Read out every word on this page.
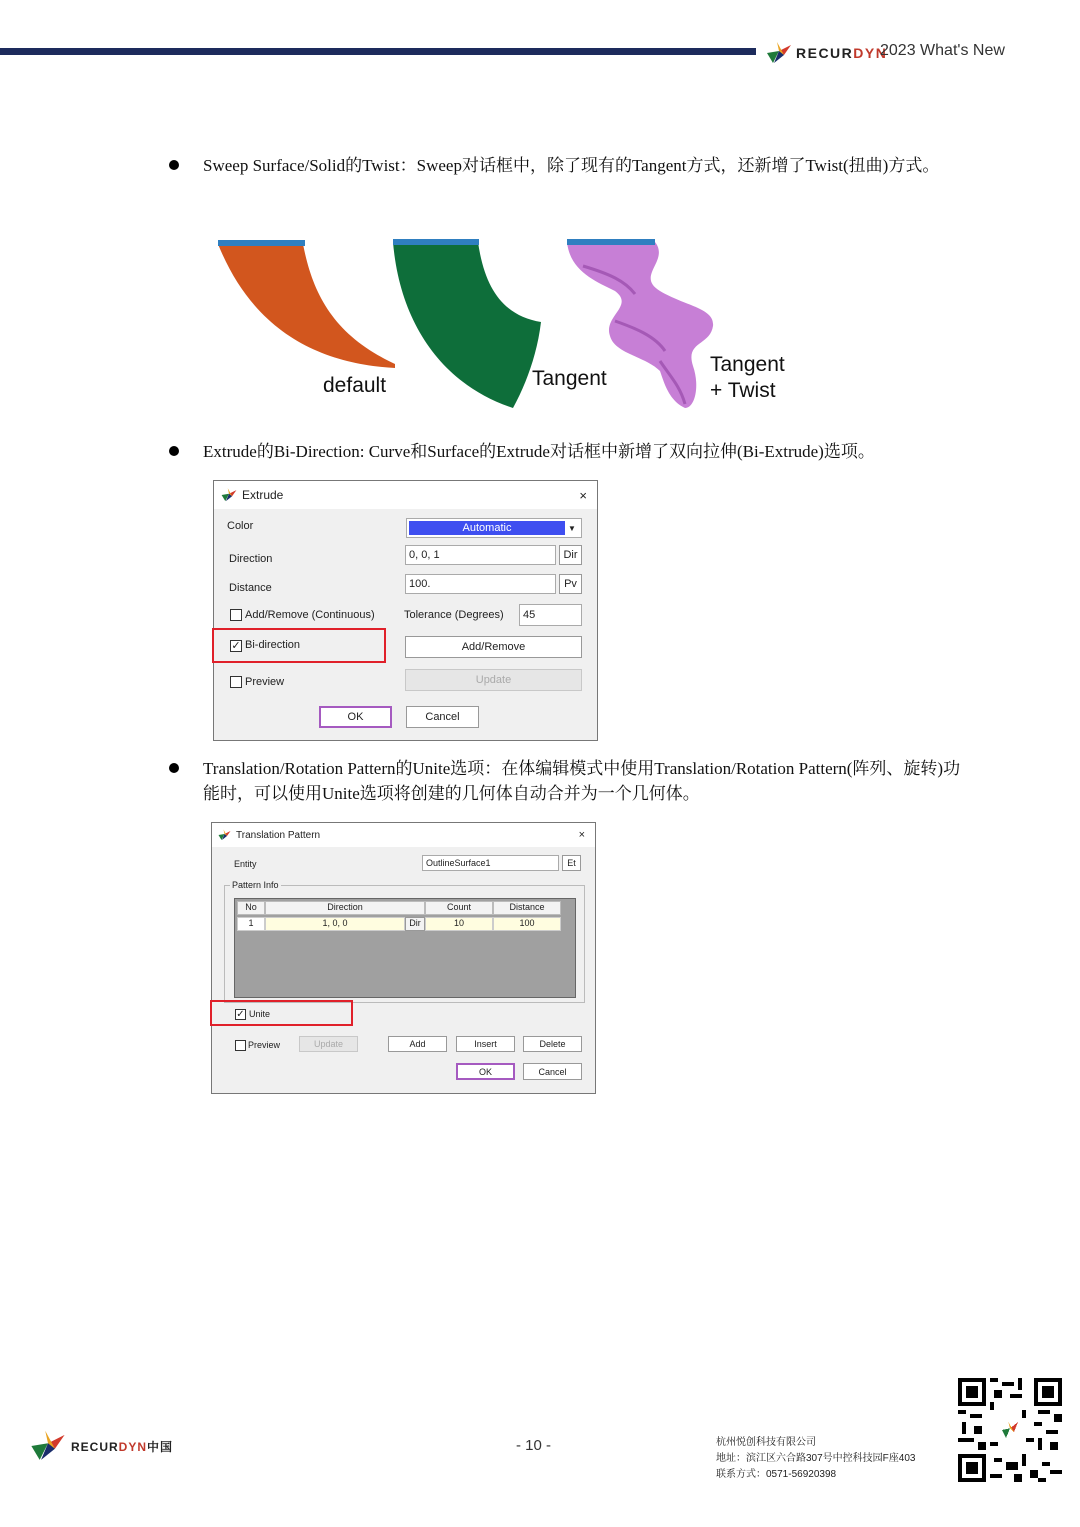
RECURDYN
2023 What's New
Sweep Surface/Solid的Twist：Sweep对话框中，除了现有的Tangent方式，还新增了Twist(扭曲)方式。
default	Tangent
Tangent
+ Twist
Extrude的Bi-Direction: Curve和Surface的Extrude对话框中新增了双向拉伸(Bi-Extrude)选项。
Extrude	×
Color	Automatic	▼
Direction	0, 0, 1	Dir
Distance	100.	Pv
Add/Remove (Continuous)	Tolerance (Degrees)	45
✓ Bi-direction	Add/Remove
Preview	Update
OK	Cancel
Translation/Rotation Pattern的Unite选项：在体编辑模式中使用Translation/Rotation Pattern(阵列、旋转)功能时，可以使用Unite选项将创建的几何体自动合并为一个几何体。
Translation Pattern	×
Entity	OutlineSurface1	Et
Pattern Info
No	Direction	Count	Distance
1	1, 0, 0	Dir	10	100
✓ Unite
Preview	Update	Add	Insert	Delete
OK	Cancel
RECURDYN中国	- 10 -	杭州悦创科技有限公司
地址：滨江区六合路307号中控科技园F座403
联系方式：0571-56920398
